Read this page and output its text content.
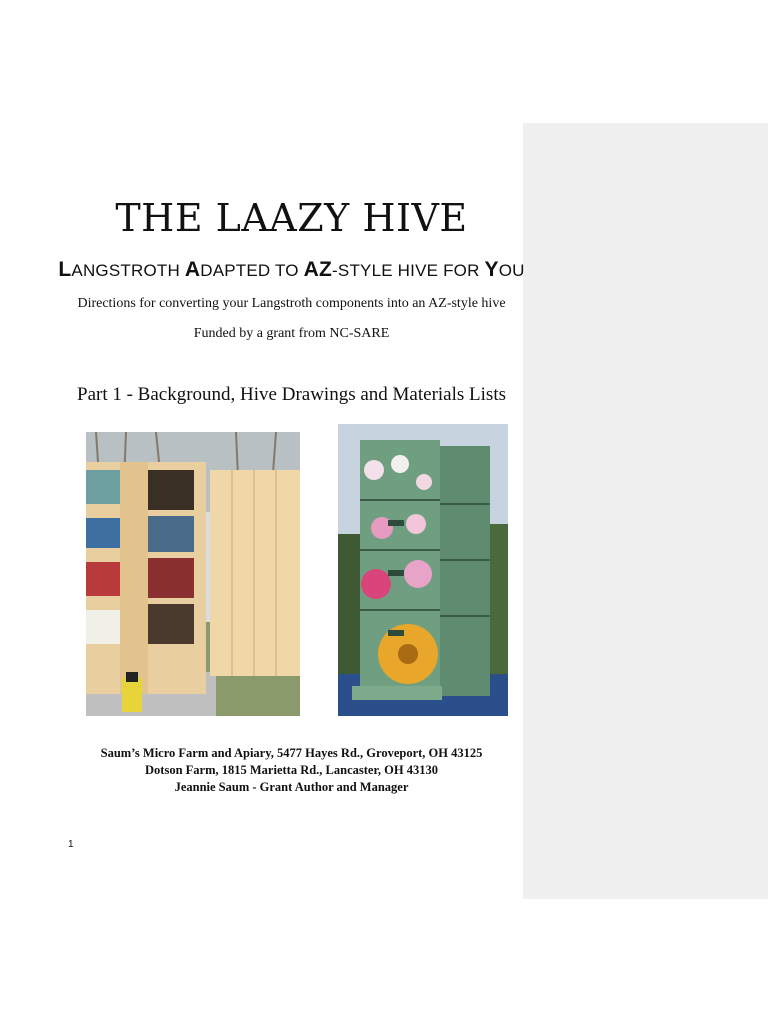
THE LAAZY HIVE
LANGSTROTH ADAPTED TO AZ-STYLE HIVE FOR YOU
Directions for converting your Langstroth components into an AZ-style hive
Funded by a grant from NC-SARE
Part 1 - Background, Hive Drawings and Materials Lists
Saum’s Micro Farm and Apiary, 5477 Hayes Rd., Groveport, OH 43125
Dotson Farm, 1815 Marietta Rd., Lancaster, OH 43130
Jeannie Saum - Grant Author and Manager
1
